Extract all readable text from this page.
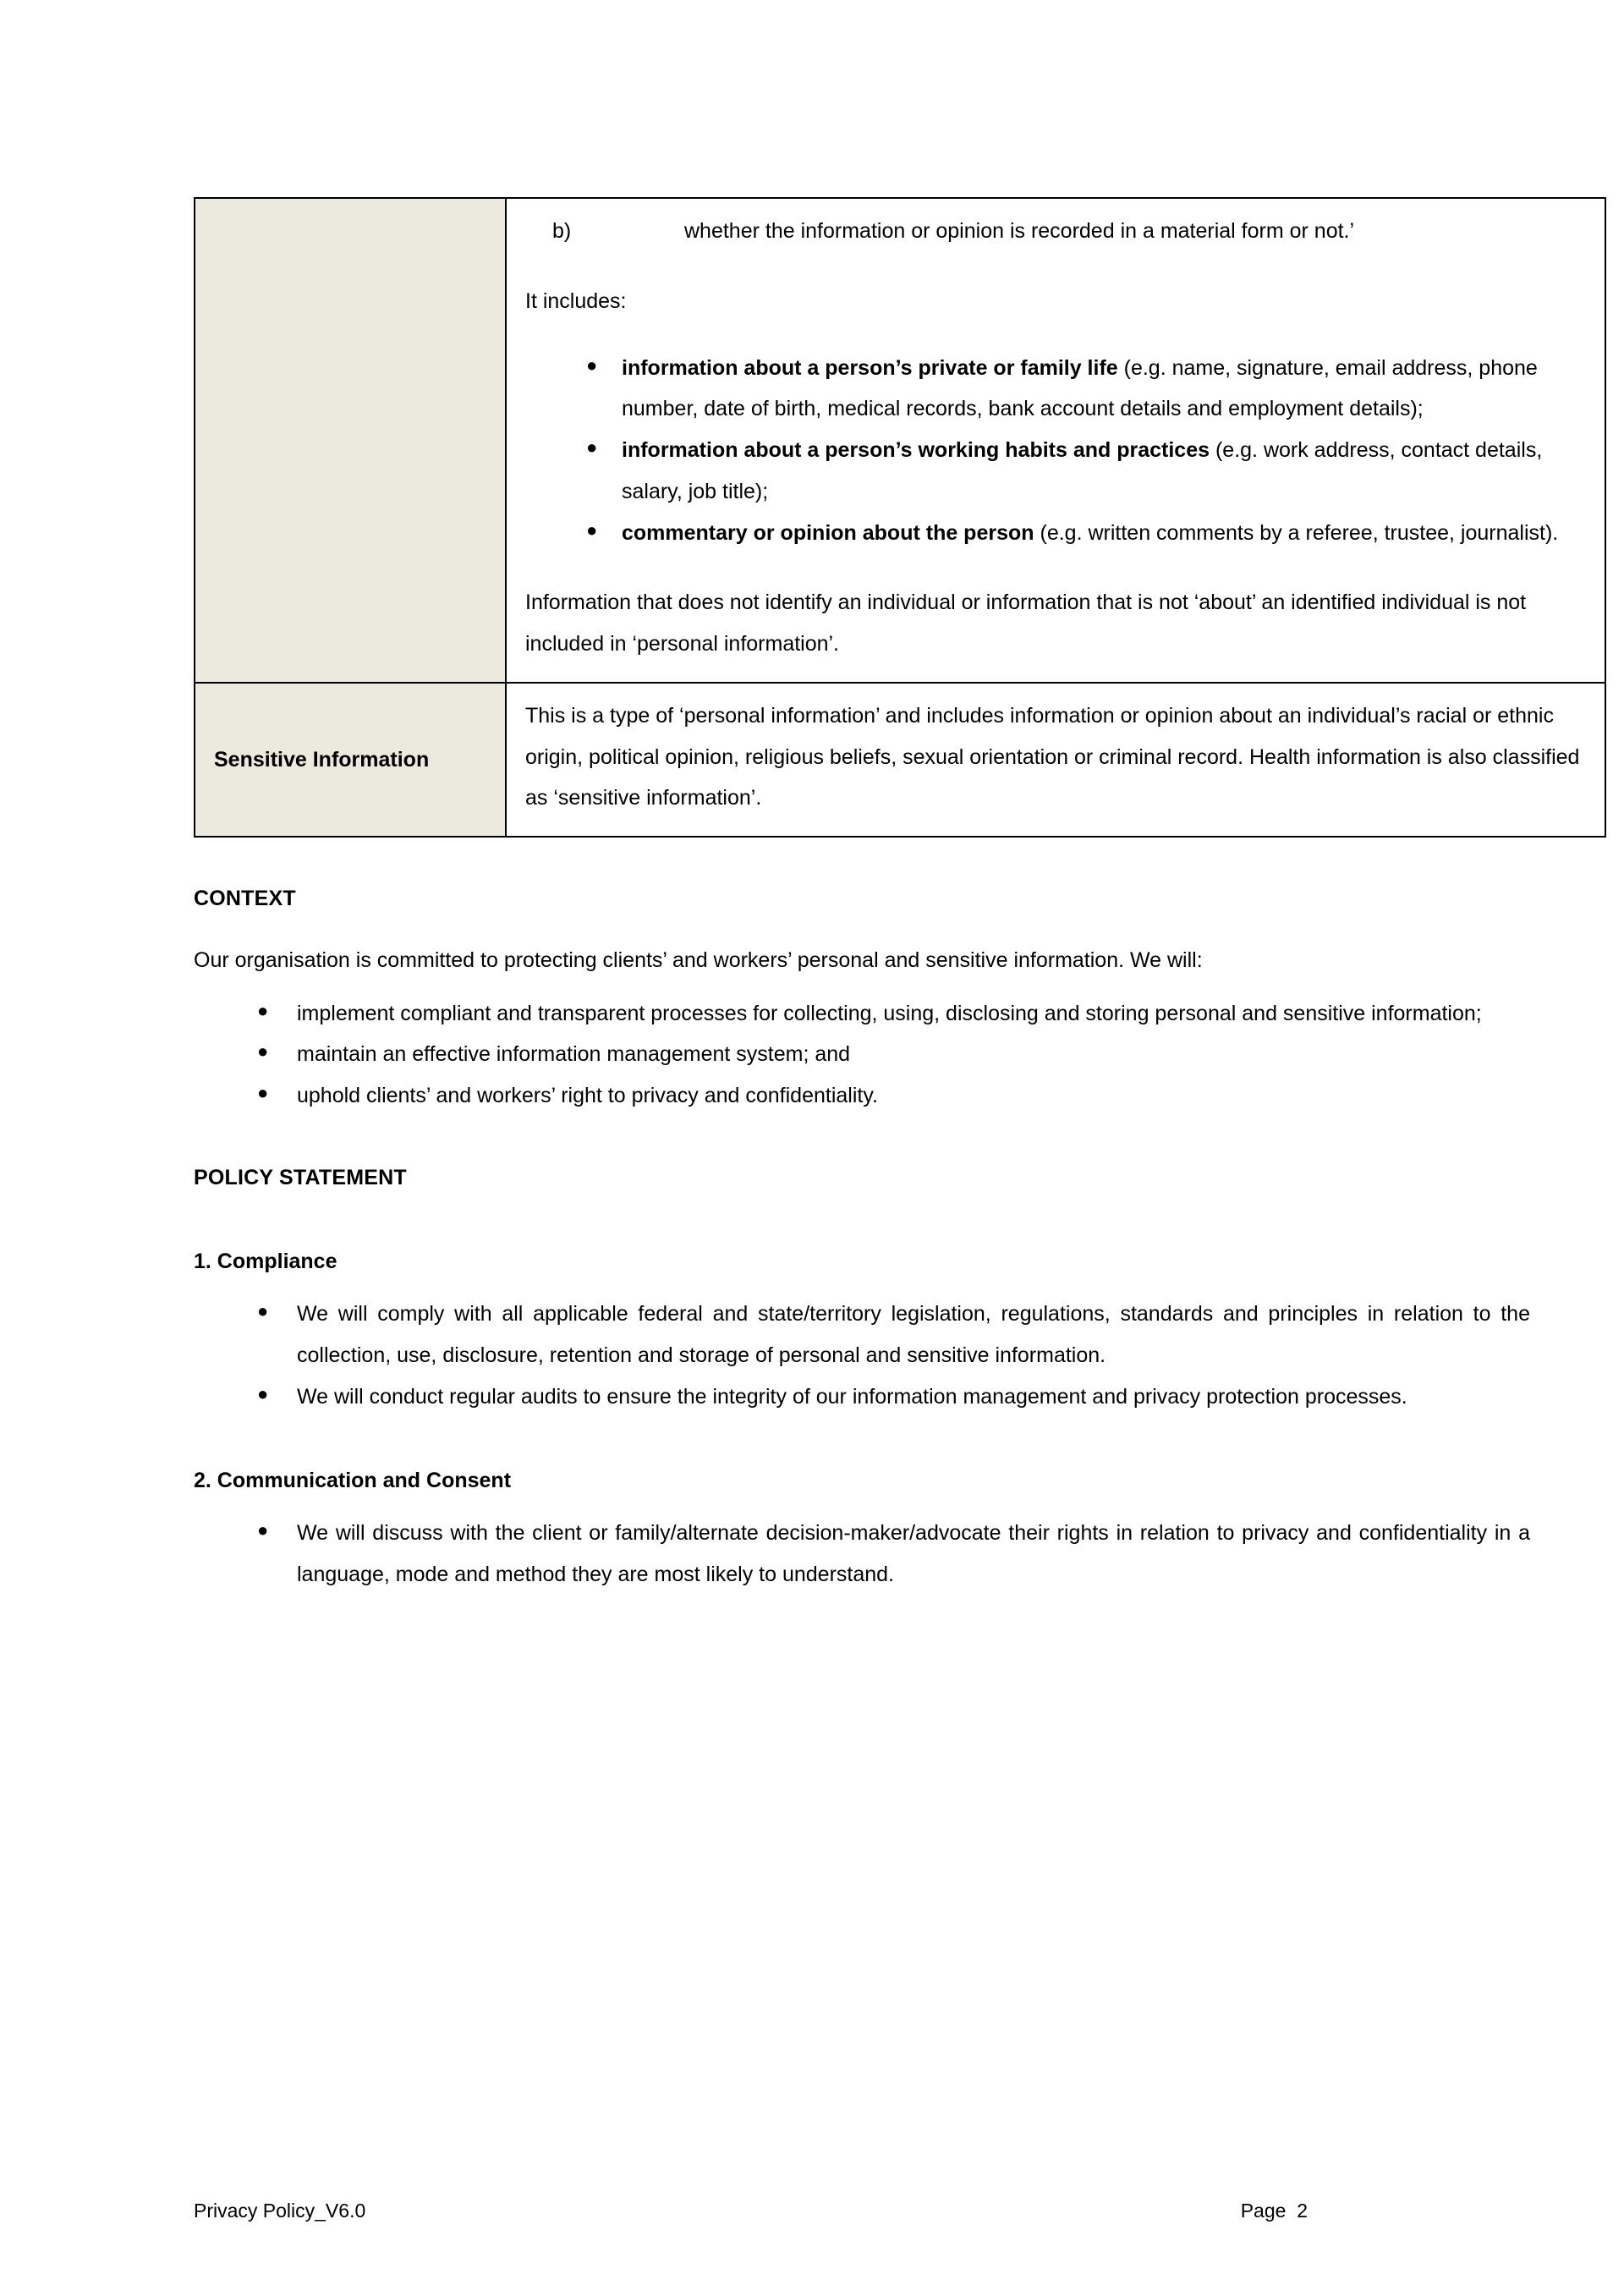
b)	whether the information or opinion is recorded in a material form or not.’

It includes:

● information about a person’s private or family life (e.g. name, signature, email address, phone number, date of birth, medical records, bank account details and employment details);
● information about a person’s working habits and practices (e.g. work address, contact details, salary, job title);
● commentary or opinion about the person (e.g. written comments by a referee, trustee, journalist).

Information that does not identify an individual or information that is not ‘about’ an identified individual is not included in ‘personal information’.

Sensitive Information	This is a type of ‘personal information’ and includes information or opinion about an individual’s racial or ethnic origin, political opinion, religious beliefs, sexual orientation or criminal record. Health information is also classified as ‘sensitive information’.

CONTEXT

Our organisation is committed to protecting clients’ and workers’ personal and sensitive information. We will:

● implement compliant and transparent processes for collecting, using, disclosing and storing personal and sensitive information;
● maintain an effective information management system; and
● uphold clients’ and workers’ right to privacy and confidentiality.
POLICY STATEMENT
1. Compliance
● We will comply with all applicable federal and state/territory legislation, regulations, standards and principles in relation to the collection, use, disclosure, retention and storage of personal and sensitive information.
● We will conduct regular audits to ensure the integrity of our information management and privacy protection processes.
2. Communication and Consent
● We will discuss with the client or family/alternate decision-maker/advocate their rights in relation to privacy and confidentiality in a language, mode and method they are most likely to understand.
Privacy Policy_V6.0	Page  2
